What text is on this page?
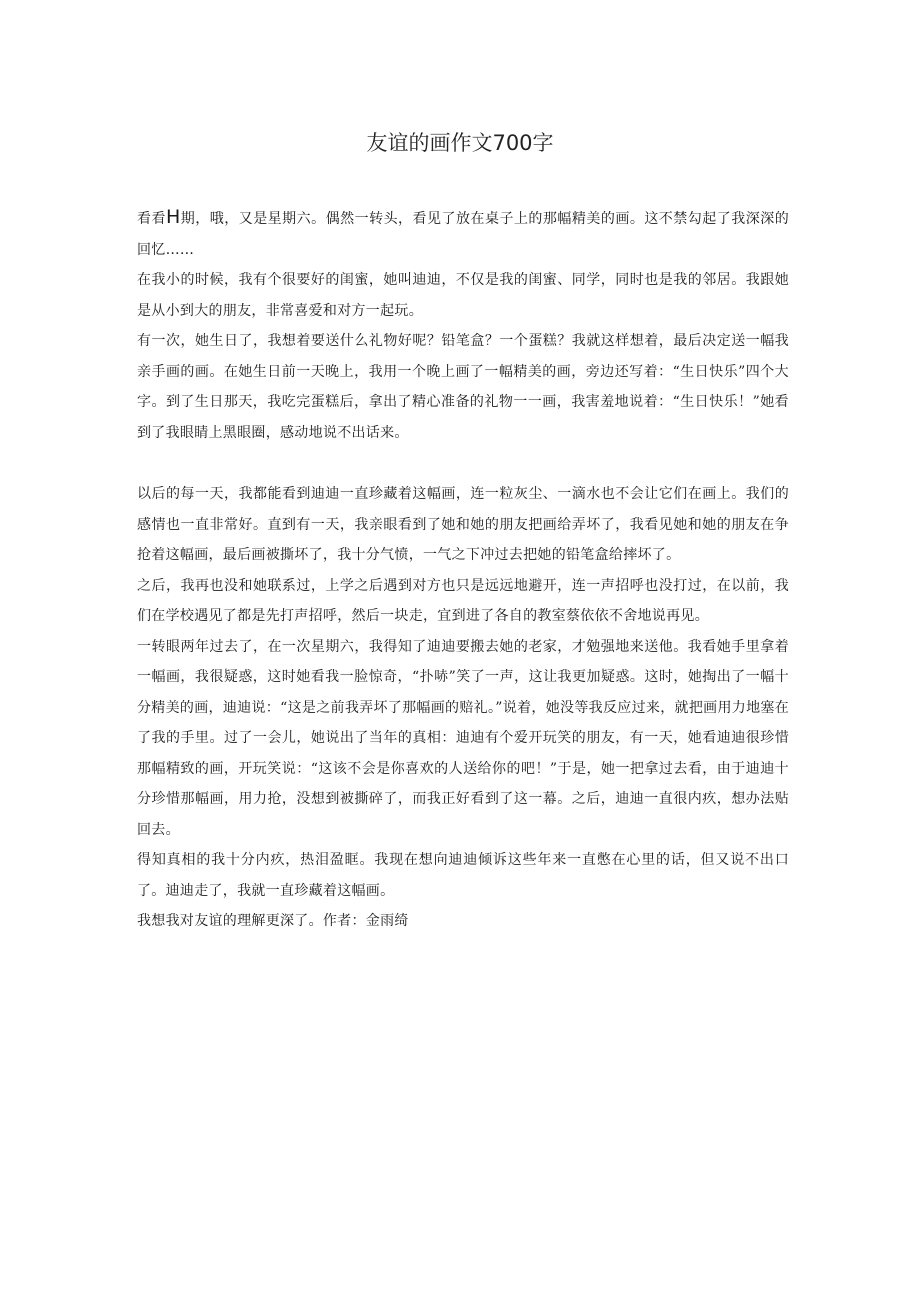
友谊的画作文700字

看看H期，哦，又是星期六。偶然一转头，看见了放在桌子上的那幅精美的画。这不禁勾起了我深深的回忆……

在我小的时候，我有个很要好的闺蜜，她叫迪迪，不仅是我的闺蜜、同学，同时也是我的邻居。我跟她是从小到大的朋友，非常喜爱和对方一起玩。

有一次，她生日了，我想着要送什么礼物好呢？铅笔盒？一个蛋糕？我就这样想着，最后决定送一幅我亲手画的画。在她生日前一天晚上，我用一个晚上画了一幅精美的画，旁边还写着：“生日快乐”四个大字。到了生日那天，我吃完蛋糕后，拿出了精心准备的礼物一一画，我害羞地说着：“生日快乐！”她看到了我眼睛上黑眼圈，感动地说不出话来。

以后的每一天，我都能看到迪迪一直珍藏着这幅画，连一粒灰尘、一滴水也不会让它们在画上。我们的感情也一直非常好。直到有一天，我亲眼看到了她和她的朋友把画给弄坏了，我看见她和她的朋友在争抢着这幅画，最后画被撕坏了，我十分气愤，一气之下冲过去把她的铅笔盒给摔坏了。

之后，我再也没和她联系过，上学之后遇到对方也只是远远地避开，连一声招呼也没打过，在以前，我们在学校遇见了都是先打声招呼，然后一块走，宜到进了各自的教室蔡依依不舍地说再见。

一转眼两年过去了，在一次星期六，我得知了迪迪要搬去她的老家，才勉强地来送他。我看她手里拿着一幅画，我很疑惑，这时她看我一脸惊奇，“扑哧”笑了一声，这让我更加疑惑。这时，她掏出了一幅十分精美的画，迪迪说：“这是之前我弄坏了那幅画的赔礼。”说着，她没等我反应过来，就把画用力地塞在了我的手里。过了一会儿，她说出了当年的真相：迪迪有个爱开玩笑的朋友，有一天，她看迪迪很珍惜那幅精致的画，开玩笑说：“这该不会是你喜欢的人送给你的吧！”于是，她一把拿过去看，由于迪迪十分珍惜那幅画，用力抢，没想到被撕碎了，而我正好看到了这一幕。之后，迪迪一直很内疚，想办法贴回去。

得知真相的我十分内疚，热泪盈眶。我现在想向迪迪倾诉这些年来一直憋在心里的话，但又说不出口了。迪迪走了，我就一直珍藏着这幅画。

我想我对友谊的理解更深了。作者：金雨绮
